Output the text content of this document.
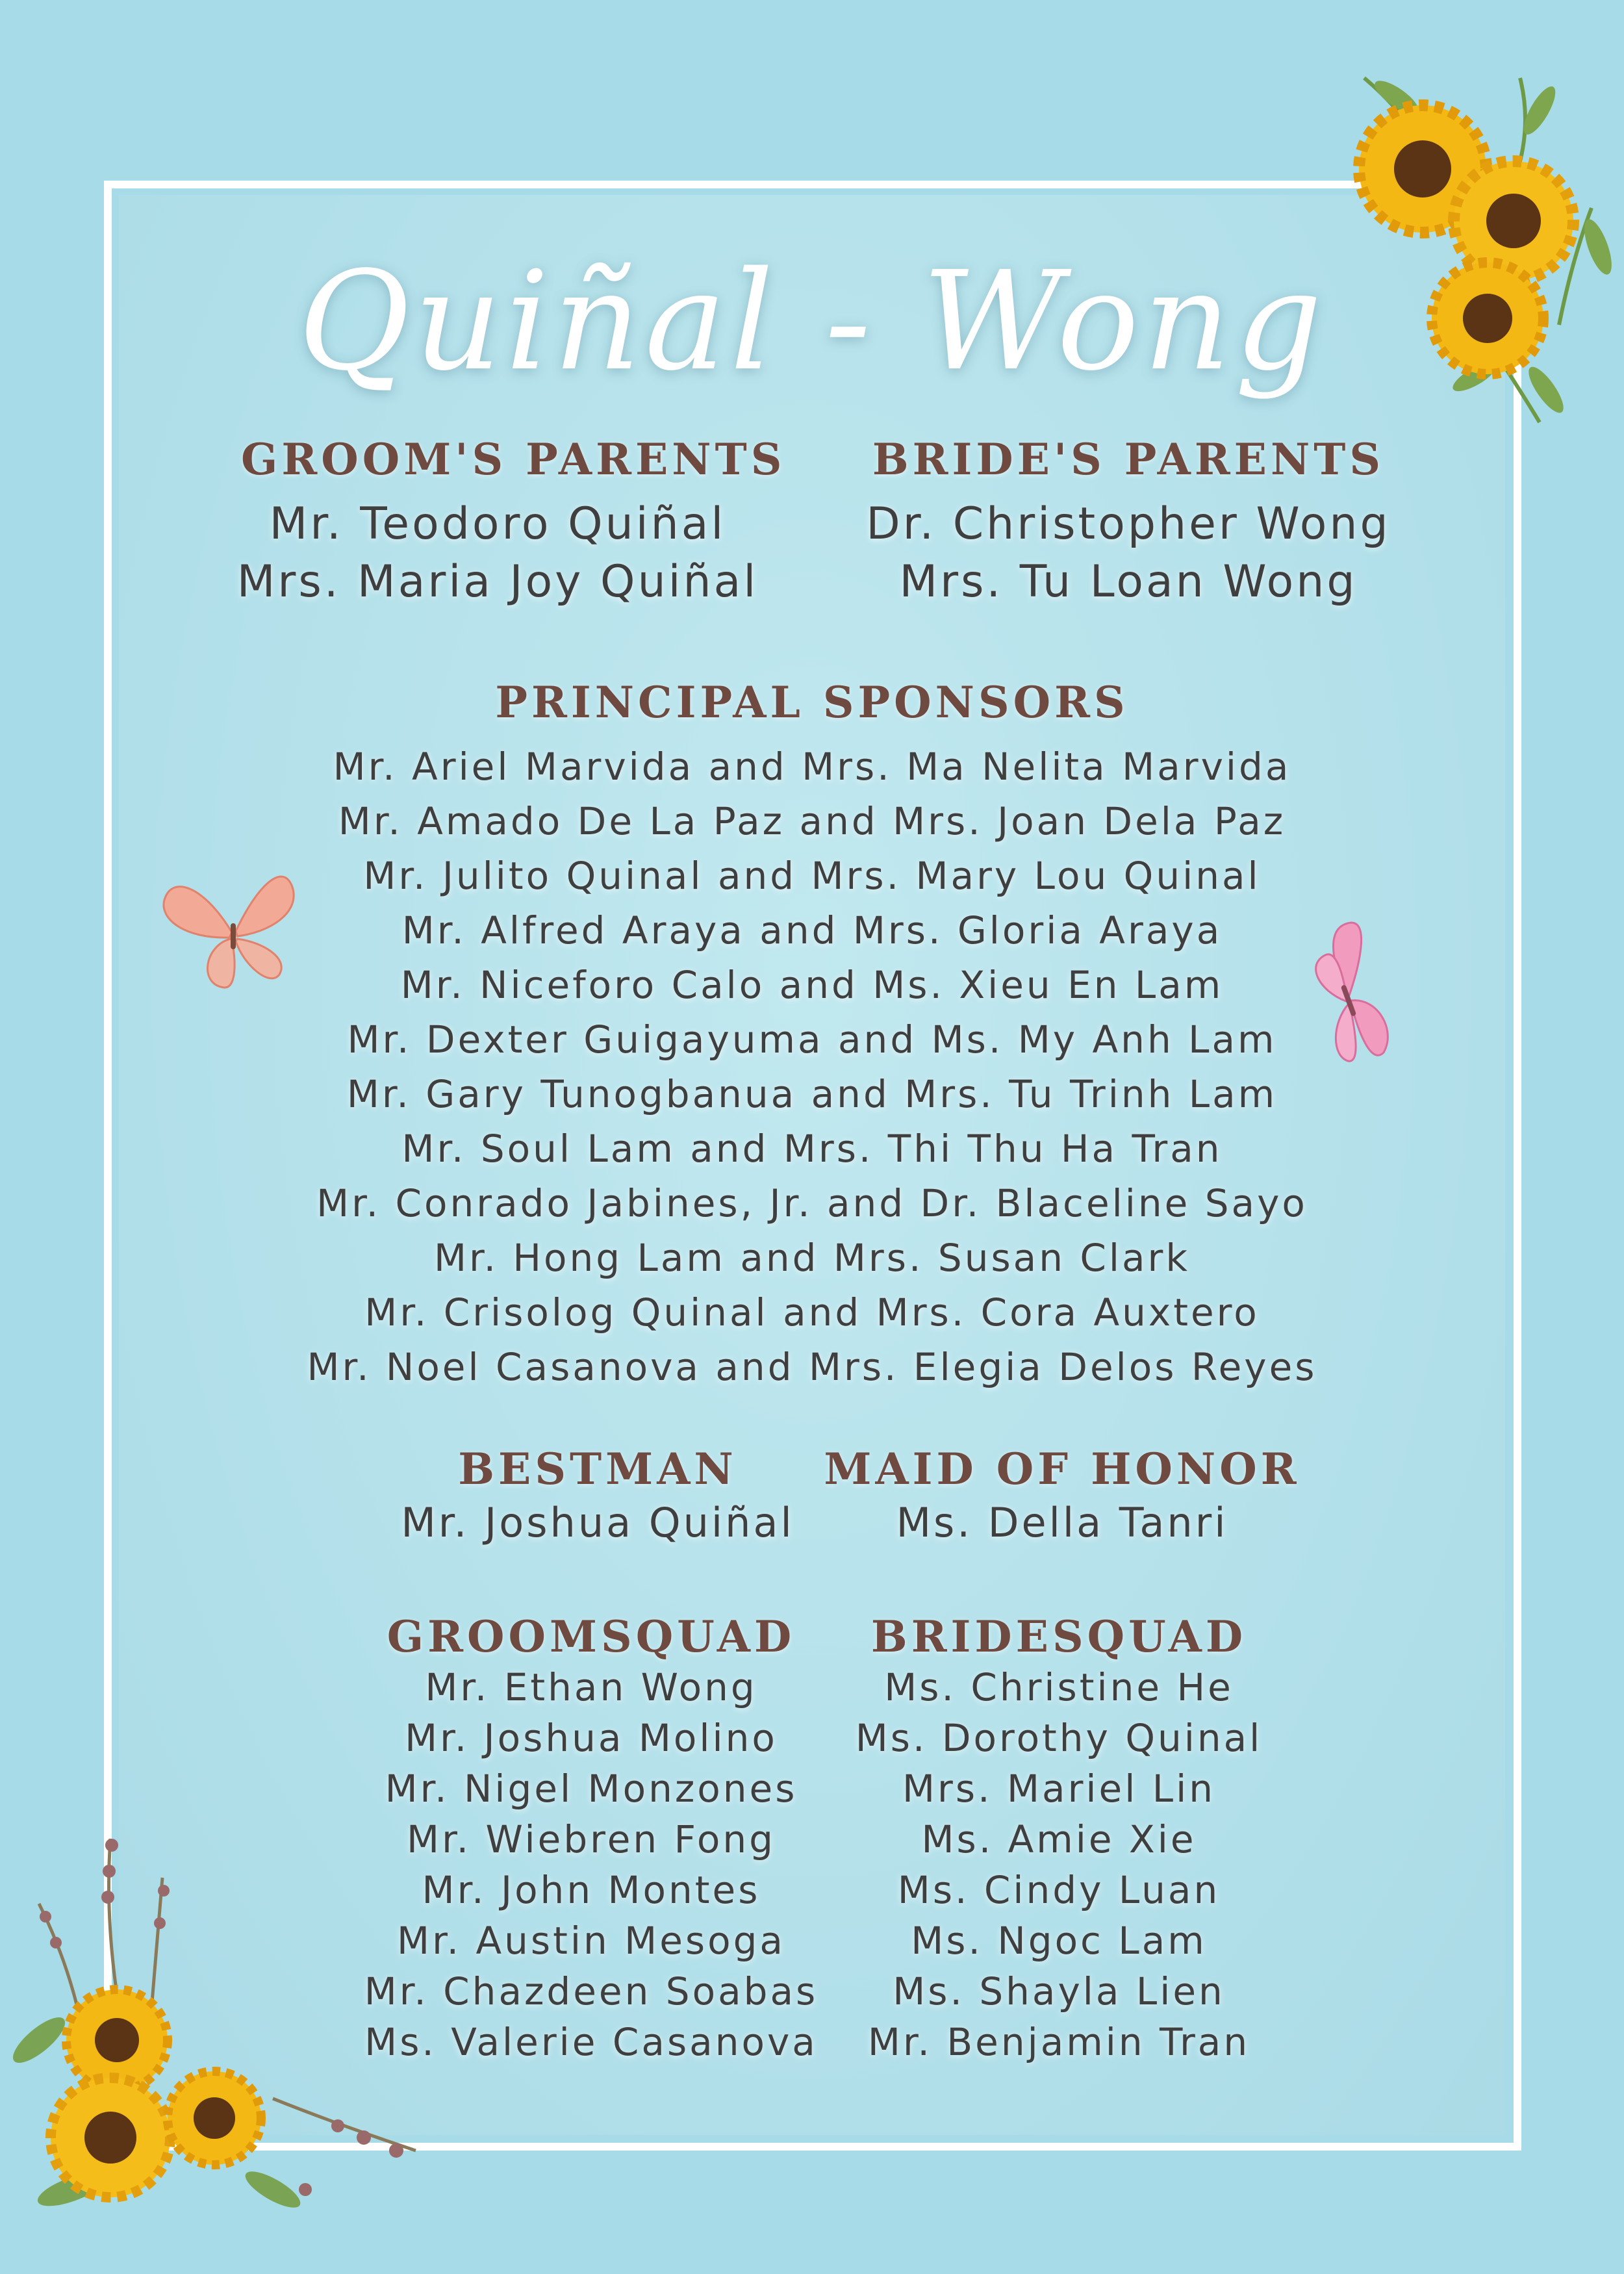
Quiñal - Wong
GROOM'S PARENTS
Mr. Teodoro Quiñal
Mrs. Maria Joy Quiñal
BRIDE'S PARENTS
Dr. Christopher Wong
Mrs. Tu Loan Wong
PRINCIPAL SPONSORS
Mr. Ariel Marvida and Mrs. Ma Nelita Marvida
Mr. Amado De La Paz and Mrs. Joan Dela Paz
Mr. Julito Quinal and Mrs. Mary Lou Quinal
Mr. Alfred Araya and Mrs. Gloria Araya
Mr. Niceforo Calo and Ms. Xieu En Lam
Mr. Dexter Guigayuma and Ms. My Anh Lam
Mr. Gary Tunogbanua and Mrs. Tu Trinh Lam
Mr. Soul Lam and Mrs. Thi Thu Ha Tran
Mr. Conrado Jabines, Jr. and Dr. Blaceline Sayo
Mr. Hong Lam and Mrs. Susan Clark
Mr. Crisolog Quinal and Mrs. Cora Auxtero
Mr. Noel Casanova and Mrs. Elegia Delos Reyes
BESTMAN
Mr. Joshua Quiñal
MAID OF HONOR
Ms. Della Tanri
GROOMSQUAD
Mr. Ethan Wong
Mr. Joshua Molino
Mr. Nigel Monzones
Mr. Wiebren Fong
Mr. John Montes
Mr. Austin Mesoga
Mr. Chazdeen Soabas
Ms. Valerie Casanova
BRIDESQUAD
Ms. Christine He
Ms. Dorothy Quinal
Mrs. Mariel Lin
Ms. Amie Xie
Ms. Cindy Luan
Ms. Ngoc Lam
Ms. Shayla Lien
Mr. Benjamin Tran
